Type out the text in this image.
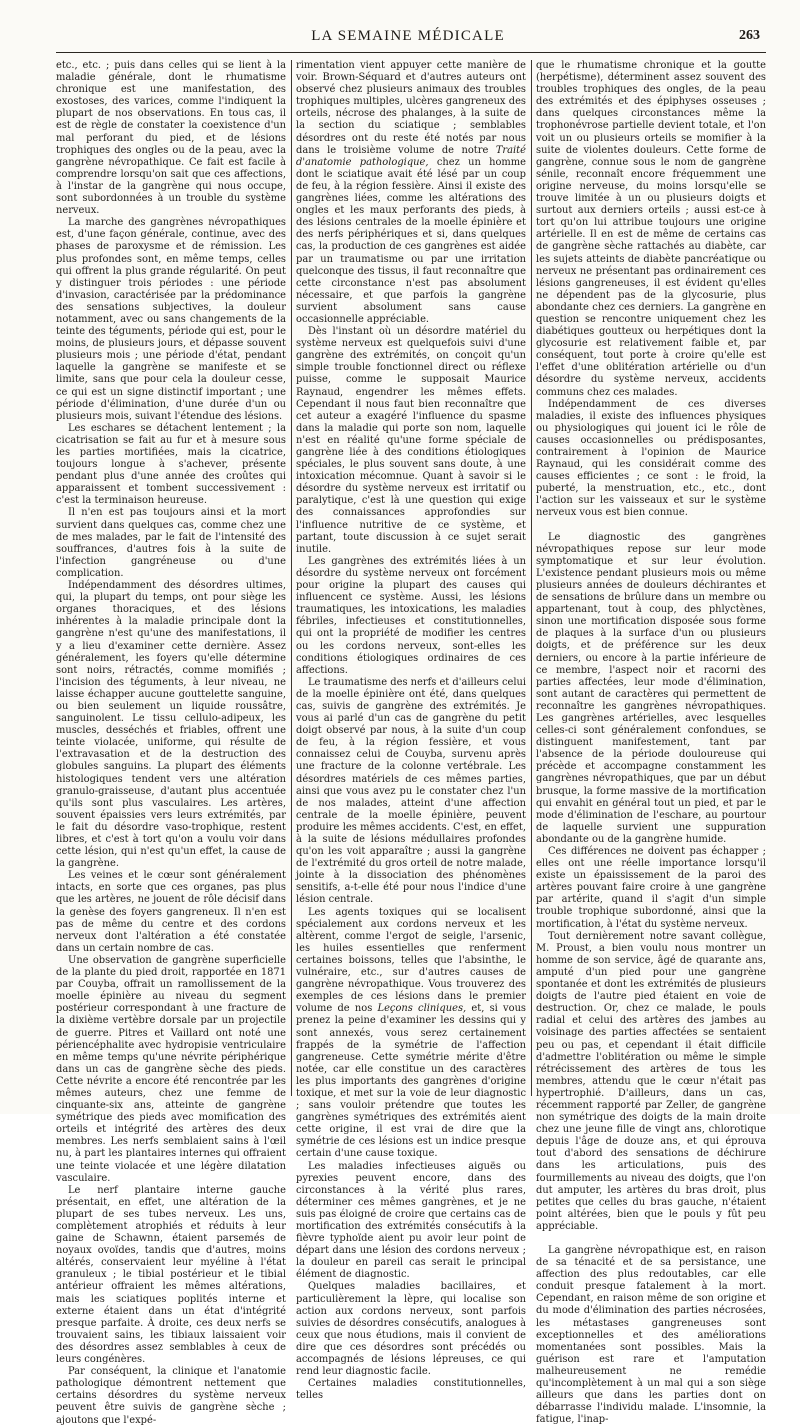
LA SEMAINE MÉDICALE	263

etc., etc. ; puis dans celles qui se lient à la maladie générale, dont le rhumatisme chronique est une manifestation, des exostoses, des varices, comme l'indiquent la plupart de nos observations. En tous cas, il est de règle de constater la coexistence d'un mal perforant du pied, et de lésions trophiques des ongles ou de la peau, avec la gangrène névropathique. Ce fait est facile à comprendre lorsqu'on sait que ces affections, à l'instar de la gangrène qui nous occupe, sont subordonnées à un trouble du système nerveux.

La marche des gangrènes névropathiques est, d'une façon générale, continue, avec des phases de paroxysme et de rémission. Les plus profondes sont, en même temps, celles qui offrent la plus grande régularité. On peut y distinguer trois périodes : une période d'invasion, caractérisée par la prédominance des sensations subjectives, la douleur notamment, avec ou sans changements de la teinte des téguments, période qui est, pour le moins, de plusieurs jours, et dépasse souvent plusieurs mois ; une période d'état, pendant laquelle la gangrène se manifeste et se limite, sans que pour cela la douleur cesse, ce qui est un signe distinctif important ; une période d'élimination, d'une durée d'un ou plusieurs mois, suivant l'étendue des lésions.

Les eschares se détachent lentement ; la cicatrisation se fait au fur et à mesure sous les parties mortifiées, mais la cicatrice, toujours longue à s'achever, présente pendant plus d'une année des croûtes qui apparaissent et tombent successivement : c'est la terminaison heureuse.

Il n'en est pas toujours ainsi et la mort survient dans quelques cas, comme chez une de mes malades, par le fait de l'intensité des souffrances, d'autres fois à la suite de l'infection gangréneuse ou d'une complication.

Indépendamment des désordres ultimes, qui, la plupart du temps, ont pour siège les organes thoraciques, et des lésions inhérentes à la maladie principale dont la gangrène n'est qu'une des manifestations, il y a lieu d'examiner cette dernière. Assez généralement, les foyers qu'elle détermine sont noirs, rétractés, comme momifiés ; l'incision des téguments, à leur niveau, ne laisse échapper aucune gouttelette sanguine, ou bien seulement un liquide roussâtre, sanguinolent. Le tissu cellulo-adipeux, les muscles, desséchés et friables, offrent une teinte violacée, uniforme, qui résulte de l'extravasation et de la destruction des globules sanguins. La plupart des éléments histologiques tendent vers une altération granulo-graisseuse, d'autant plus accentuée qu'ils sont plus vasculaires. Les artères, souvent épaissies vers leurs extrémités, par le fait du désordre vaso-trophique, restent libres, et c'est à tort qu'on a voulu voir dans cette lésion, qui n'est qu'un effet, la cause de la gangrène.

Les veines et le cœur sont généralement intacts, en sorte que ces organes, pas plus que les artères, ne jouent de rôle décisif dans la genèse des foyers gangreneux. Il n'en est pas de même du centre et des cordons nerveux dont l'altération a été constatée dans un certain nombre de cas.

Une observation de gangrène superficielle de la plante du pied droit, rapportée en 1871 par Couyba, offrait un ramollissement de la moelle épinière au niveau du segment postérieur correspondant à une fracture de la dixième vertèbre dorsale par un projectile de guerre. Pitres et Vaillard ont noté une périencéphalite avec hydropisie ventriculaire en même temps qu'une névrite périphérique dans un cas de gangrène sèche des pieds. Cette névrite a encore été rencontrée par les mêmes auteurs, chez une femme de cinquante-six ans, atteinte de gangrène symétrique des pieds avec momification des orteils et intégrité des artères des deux membres. Les nerfs semblaient sains à l'œil nu, à part les plantaires internes qui offraient une teinte violacée et une légère dilatation vasculaire.

Le nerf plantaire interne gauche présentait, en effet, une altération de la plupart de ses tubes nerveux. Les uns, complètement atrophiés et réduits à leur gaine de Schawnn, étaient parsemés de noyaux ovoïdes, tandis que d'autres, moins altérés, conservaient leur myéline à l'état granuleux ; le tibial postérieur et le tibial antérieur offraient les mêmes altérations, mais les sciatiques poplités interne et externe étaient dans un état d'intégrité presque parfaite. À droite, ces deux nerfs se trouvaient sains, les tibiaux laissaient voir des désordres assez semblables à ceux de leurs congénères.

Par conséquent, la clinique et l'anatomie pathologique démontrent nettement que certains désordres du système nerveux peuvent être suivis de gangrène sèche ; ajoutons que l'expé-

rimentation vient appuyer cette manière de voir. Brown-Séquard et d'autres auteurs ont observé chez plusieurs animaux des troubles trophiques multiples, ulcères gangreneux des orteils, nécrose des phalanges, à la suite de la section du sciatique ; semblables désordres ont du reste été notés par nous dans le troisième volume de notre Traité d'anatomie pathologique, chez un homme dont le sciatique avait été lésé par un coup de feu, à la région fessière. Ainsi il existe des gangrènes liées, comme les altérations des ongles et les maux perforants des pieds, à des lésions centrales de la moelle épinière et des nerfs périphériques et si, dans quelques cas, la production de ces gangrènes est aidée par un traumatisme ou par une irritation quelconque des tissus, il faut reconnaître que cette circonstance n'est pas absolument nécessaire, et que parfois la gangrène survient absolument sans cause occasionnelle appréciable.

Dès l'instant où un désordre matériel du système nerveux est quelquefois suivi d'une gangrène des extrémités, on conçoit qu'un simple trouble fonctionnel direct ou réflexe puisse, comme le supposait Maurice Raynaud, engendrer les mêmes effets. Cependant il nous faut bien reconnaître que cet auteur a exagéré l'influence du spasme dans la maladie qui porte son nom, laquelle n'est en réalité qu'une forme spéciale de gangrène liée à des conditions étiologiques spéciales, le plus souvent sans doute, à une intoxication mécomnue. Quant à savoir si le désordre du système nerveux est irritatif ou paralytique, c'est là une question qui exige des connaissances approfondies sur l'influence nutritive de ce système, et partant, toute discussion à ce sujet serait inutile.

Les gangrènes des extrémités liées à un désordre du système nerveux ont forcément pour origine la plupart des causes qui influencent ce système. Aussi, les lésions traumatiques, les intoxications, les maladies fébriles, infectieuses et constitutionnelles, qui ont la propriété de modifier les centres ou les cordons nerveux, sont-elles les conditions étiologiques ordinaires de ces affections.

Le traumatisme des nerfs et d'ailleurs celui de la moelle épinière ont été, dans quelques cas, suivis de gangrène des extrémités. Je vous ai parlé d'un cas de gangrène du petit doigt observé par nous, à la suite d'un coup de feu, à la région fessière, et vous connaissez celui de Couyba, survenu après une fracture de la colonne vertébrale. Les désordres matériels de ces mêmes parties, ainsi que vous avez pu le constater chez l'un de nos malades, atteint d'une affection centrale de la moelle épinière, peuvent produire les mêmes accidents. C'est, en effet, à la suite de lésions médullaires profondes qu'on les voit apparaître ; aussi la gangrène de l'extrémité du gros orteil de notre malade, jointe à la dissociation des phénomènes sensitifs, a-t-elle été pour nous l'indice d'une lésion centrale.

Les agents toxiques qui se localisent spécialement aux cordons nerveux et les altèrent, comme l'ergot de seigle, l'arsenic, les huiles essentielles que renferment certaines boissons, telles que l'absinthe, le vulnéraire, etc., sur d'autres causes de gangrène névropathique. Vous trouverez des exemples de ces lésions dans le premier volume de nos Leçons cliniques, et, si vous prenez la peine d'examiner les dessins qui y sont annexés, vous serez certainement frappés de la symétrie de l'affection gangreneuse. Cette symétrie mérite d'être notée, car elle constitue un des caractères les plus importants des gangrènes d'origine toxique, et met sur la voie de leur diagnostic ; sans vouloir prétendre que toutes les gangrènes symétriques des extrémités aient cette origine, il est vrai de dire que la symétrie de ces lésions est un indice presque certain d'une cause toxique.

Les maladies infectieuses aiguës ou pyrexies peuvent encore, dans des circonstances à la vérité plus rares, déterminer ces mêmes gangrènes, et je ne suis pas éloigné de croire que certains cas de mortification des extrémités consécutifs à la fièvre typhoïde aient pu avoir leur point de départ dans une lésion des cordons nerveux ; la douleur en pareil cas serait le principal élément de diagnostic.

Quelques maladies bacillaires, et particulièrement la lèpre, qui localise son action aux cordons nerveux, sont parfois suivies de désordres consécutifs, analogues à ceux que nous étudions, mais il convient de dire que ces désordres sont précédés ou accompagnés de lésions lépreuses, ce qui rend leur diagnostic facile.

Certaines maladies constitutionnelles, telles

que le rhumatisme chronique et la goutte (herpétisme), déterminent assez souvent des troubles trophiques des ongles, de la peau des extrémités et des épiphyses osseuses ; dans quelques circonstances même la trophonévrose partielle devient totale, et l'on voit un ou plusieurs orteils se momifier à la suite de violentes douleurs. Cette forme de gangrène, connue sous le nom de gangrène sénile, reconnaît encore fréquemment une origine nerveuse, du moins lorsqu'elle se trouve limitée à un ou plusieurs doigts et surtout aux derniers orteils ; aussi est-ce à tort qu'on lui attribue toujours une origine artérielle. Il en est de même de certains cas de gangrène sèche rattachés au diabète, car les sujets atteints de diabète pancréatique ou nerveux ne présentant pas ordinairement ces lésions gangreneuses, il est évident qu'elles ne dépendent pas de la glycosurie, plus abondante chez ces derniers. La gangrène en question se rencontre uniquement chez les diabétiques goutteux ou herpétiques dont la glycosurie est relativement faible et, par conséquent, tout porte à croire qu'elle est l'effet d'une oblitération artérielle ou d'un désordre du système nerveux, accidents communs chez ces malades.

Indépendamment de ces diverses maladies, il existe des influences physiques ou physiologiques qui jouent ici le rôle de causes occasionnelles ou prédisposantes, contrairement à l'opinion de Maurice Raynaud, qui les considérait comme des causes efficientes ; ce sont : le froid, la puberté, la menstruation, etc., etc., dont l'action sur les vaisseaux et sur le système nerveux vous est bien connue.

Le diagnostic des gangrènes névropathiques repose sur leur mode symptomatique et sur leur évolution. L'existence pendant plusieurs mois ou même plusieurs années de douleurs déchirantes et de sensations de brûlure dans un membre ou appartenant, tout à coup, des phlyctènes, sinon une mortification disposée sous forme de plaques à la surface d'un ou plusieurs doigts, et de préférence sur les deux derniers, ou encore à la partie inférieure de ce membre, l'aspect noir et racorni des parties affectées, leur mode d'élimination, sont autant de caractères qui permettent de reconnaître les gangrènes névropathiques. Les gangrènes artérielles, avec lesquelles celles-ci sont généralement confondues, se distinguent manifestement, tant par l'absence de la période douloureuse qui précède et accompagne constamment les gangrènes névropathiques, que par un début brusque, la forme massive de la mortification qui envahit en général tout un pied, et par le mode d'élimination de l'eschare, au pourtour de laquelle survient une suppuration abondante ou de la gangrène humide.

Ces différences ne doivent pas échapper ; elles ont une réelle importance lorsqu'il existe un épaississement de la paroi des artères pouvant faire croire à une gangrène par artérite, quand il s'agit d'un simple trouble trophique subordonné, ainsi que la mortification, à l'état du système nerveux.

Tout dernièrement notre savant collègue, M. Proust, a bien voulu nous montrer un homme de son service, âgé de quarante ans, amputé d'un pied pour une gangrène spontanée et dont les extrémités de plusieurs doigts de l'autre pied étaient en voie de destruction. Or, chez ce malade, le pouls radial et celui des artères des jambes au voisinage des parties affectées se sentaient peu ou pas, et cependant il était difficile d'admettre l'oblitération ou même le simple rétrécissement des artères de tous les membres, attendu que le cœur n'était pas hypertrophié. D'ailleurs, dans un cas, récemment rapporté par Zeller, de gangrène non symétrique des doigts de la main droite chez une jeune fille de vingt ans, chlorotique depuis l'âge de douze ans, et qui éprouva tout d'abord des sensations de déchirure dans les articulations, puis des fourmillements au niveau des doigts, que l'on dut amputer, les artères du bras droit, plus petites que celles du bras gauche, n'étaient point altérées, bien que le pouls y fût peu appréciable.

La gangrène névropathique est, en raison de sa ténacité et de sa persistance, une affection des plus redoutables, car elle conduit presque fatalement à la mort. Cependant, en raison même de son origine et du mode d'élimination des parties nécrosées, les métastases gangreneuses sont exceptionnelles et des améliorations momentanées sont possibles. Mais la guérison est rare et l'amputation malheureusement ne remédie qu'incomplètement à un mal qui a son siège ailleurs que dans les parties dont on débarrasse l'individu malade. L'insomnie, la fatigue, l'inap-
